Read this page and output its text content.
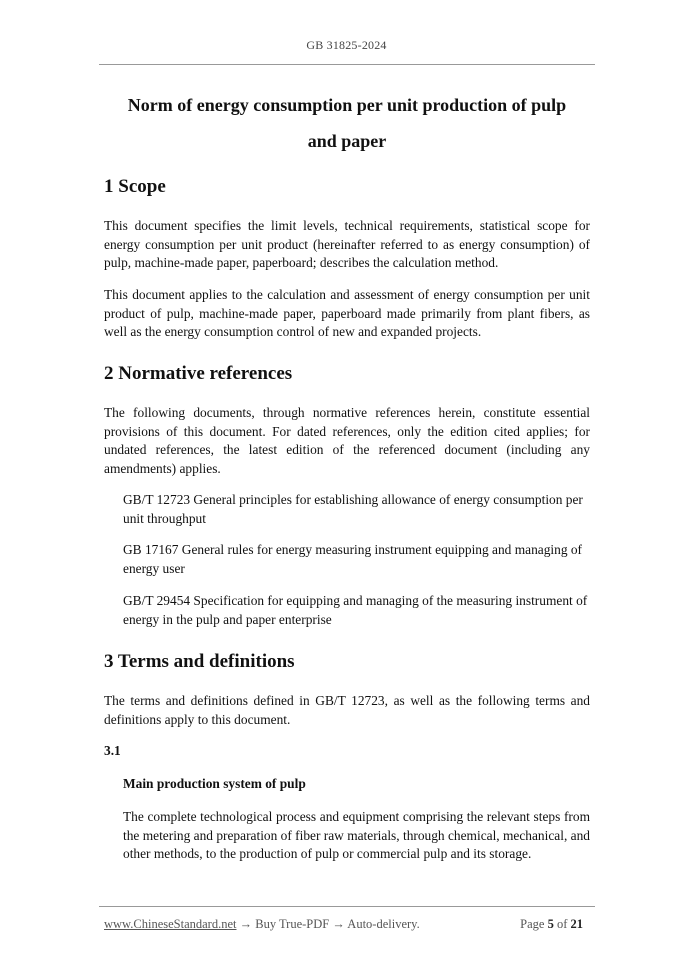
GB 31825-2024
Norm of energy consumption per unit production of pulp
and paper
1 Scope
This document specifies the limit levels, technical requirements, statistical scope for energy consumption per unit product (hereinafter referred to as energy consumption) of pulp, machine-made paper, paperboard; describes the calculation method.
This document applies to the calculation and assessment of energy consumption per unit product of pulp, machine-made paper, paperboard made primarily from plant fibers, as well as the energy consumption control of new and expanded projects.
2 Normative references
The following documents, through normative references herein, constitute essential provisions of this document. For dated references, only the edition cited applies; for undated references, the latest edition of the referenced document (including any amendments) applies.
GB/T 12723 General principles for establishing allowance of energy consumption per unit throughput
GB 17167 General rules for energy measuring instrument equipping and managing of energy user
GB/T 29454 Specification for equipping and managing of the measuring instrument of energy in the pulp and paper enterprise
3 Terms and definitions
The terms and definitions defined in GB/T 12723, as well as the following terms and definitions apply to this document.
3.1
Main production system of pulp
The complete technological process and equipment comprising the relevant steps from the metering and preparation of fiber raw materials, through chemical, mechanical, and other methods, to the production of pulp or commercial pulp and its storage.
www.ChineseStandard.net → Buy True-PDF → Auto-delivery.	Page 5 of 21
